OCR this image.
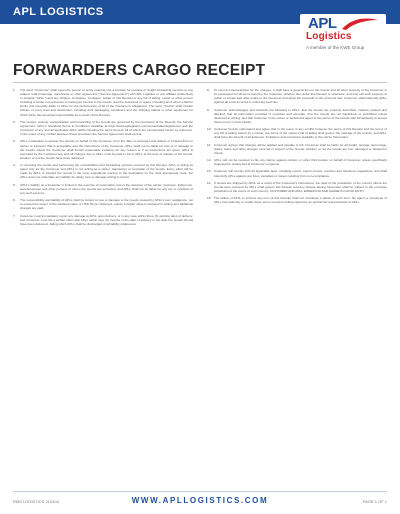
APL LOGISTICS
APL
Logistics
A member of the KWE Group
FORWARDERS CARGO RECEIPT
1.	The word "Customer" shall mean the person or entity entering into a contract for carriage or freight forwarding services to any related, total brokerage, warehouse or other agreement ("Service Agreement") with APL Logistics or any affiliate (collectively or singular "APLL") and any shipper, consignee, consignor, holder of this Receipt or any bill of lading, owner or other person including a holder in possession or having an interest in the Goods, and the successor or agent, including all of whom shall be jointly and severally liable to APLL for the performance of all of the Customer's obligations. The word "Goods" shall include articles of every kind and description, including their packaging, containers and the shipping pallets or other equipment for which APLL has accepted responsibility as a result of this Receipt.
2.	The receipt, custody, transportation and forwarding of the Goods are governed by the provisions of the Receipt, the Service Agreement, APLL's Standard Terms & Conditions available at https://www.apllogistics.com/content/dam/legal/terms and the provisions of any and all applicable APLL tariffs including the terms thereof, all of which are incorporated herein by reference. In the event of any conflict between these provisions the Service Agreement shall control.
3.	APLL undertakes to answer the Goods on behalf of the Customer, from the date so arranged and deliver or forward them in carrier or transport that is acceptable and the instructions of the Customer. APLL shall not be liable for loss of or damage to the Goods unless the Customer shall furnish reasonable evidence for any reason or if no instructions are given, APLL is permitted by the Customer any and all charges due to APLL must be paid in full to APLL at the time of release of the Goods, whether or not the Goods have been delivered.
4.	In receiving the Goods and performing the consolidation and forwarding services covered by this Receipt, APLL is acting as agent only for the Customer and APLL is not acting as a carrier, transporter or custodian of the Goods. Every effort will be made by APLL to forward the Goods in the most expeditious manner to the destination by the most appropriate route, but APLL does not undertake any liability for delay, loss or damage arising in transit.
5.	APLL's liability as a forwarder is limited to the exercise of reasonable care in the selection of the carrier, truckmen, lightermen, warehousemen and other persons to whom the Goods are entrusted, and APLL shall not be liable for any act or omission of any such persons.
6.	The responsibility and liability of APLL shall be limited to loss or damage to the Goods caused by APLL's own negligence, not to exceed the lesser of the declared value or USD 50 per shipment, unless a higher value is declared in writing and additional charges are paid.
7.	Customer must immediately report any damage to APLL upon delivery, or in any case within three (3) working days of delivery, and Customer must file a written claim with APLL within nine (9) months of the date of delivery or the date the Goods should have been delivered, failing which APLL shall be discharged of all liability whatsoever.
8.	To secure a lien/retention for the charges, it shall have a general lien on the Goods and all other property of the Customer in its possession for all sums owed by the Customer, whether due under this Receipt or otherwise, and may sell such property at public or private sale after notice to the Customer and apply the proceeds to the amounts due. Customer shall indemnify APLL against all costs incurred in enforcing such lien.
9.	Customer acknowledges and warrants the following to APLL: that the Goods are properly described, marked, packed and labelled; that all information provided is complete and accurate; that the Goods are not hazardous or prohibited unless disclosed in writing; and that Customer is the owner or authorized agent of the owner of the Goods with full authority to accept these terms on their behalf.
10. Customer hereby understand and agree that in the event of any conflict between the terms of this Receipt and the terms of any bill of lading issued by a carrier, the terms of the carrier's bill of lading shall govern the carriage of the Goods, and APLL shall have the benefit of all defenses, limitations and exclusions available to the carrier thereunder.
11. Customer agrees that charges will be applied and payable in full. Customer shall be liable for all freight, storage, demurrage, duties, taxes and other charges incurred in respect of the Goods, whether or not the Goods are lost, damaged or delayed in transit.
12. APLL will not be required to file any claims against carriers or other third parties on behalf of Customer unless specifically requested in writing and at Customer's expense.
13. Customer will comply with all applicable laws, including import, export control, customs and sanctions regulations, and shall indemnify APLL against any fines, penalties or losses resulting from non-compliance.
14. If Goods are shipped by APLL as a result of the Customer's instructions, the laws of the jurisdiction of the country where the Goods were received by APLL shall govern this Receipt and any dispute arising hereunder shall be subject to the exclusive jurisdiction of the courts of such country. CUSTOMER AND APLL ENDEAVOR AND AGREE IN GOOD FAITH.
15. The failure of APLL to enforce any term of this Receipt shall not constitute a waiver of such term. No agent or employee of APLL has authority to modify these terms except in writing signed by an authorized representative of APLL.
RMS LOGISTICS 210404	WWW.APLLOGISTICS.COM	PAGE 1 OF 1
